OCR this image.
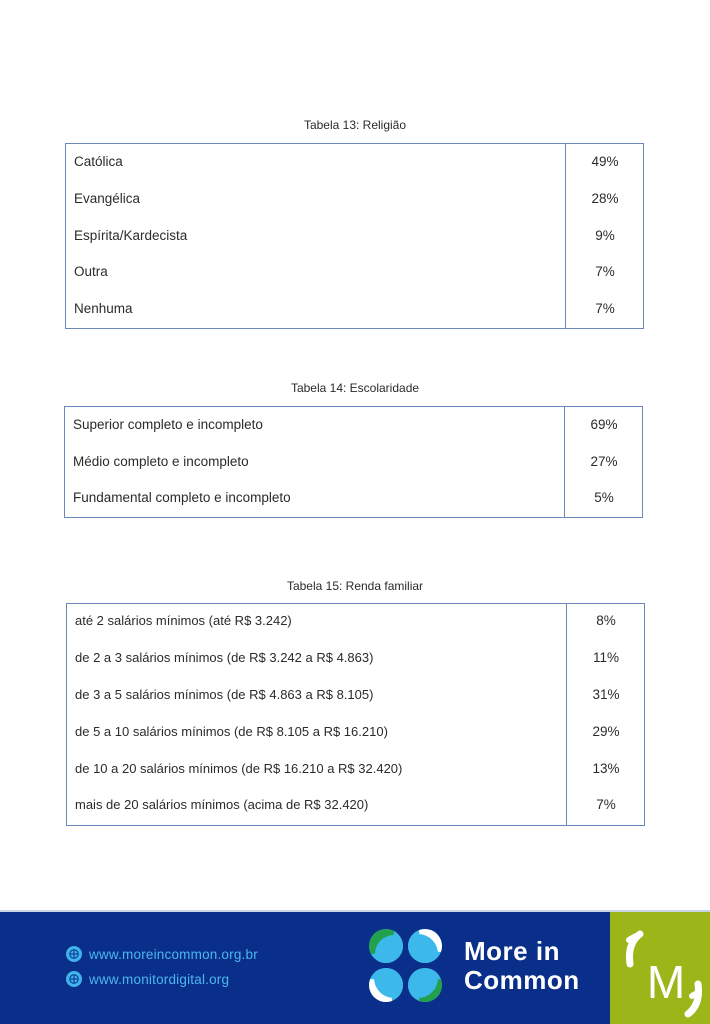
Tabela 13: Religião
Católica	49%
Evangélica	28%
Espírita/Kardecista	9%
Outra	7%
Nenhuma	7%
Tabela 14: Escolaridade
Superior completo e incompleto	69%
Médio completo e incompleto	27%
Fundamental completo e incompleto	5%
Tabela 15: Renda familiar
até 2 salários mínimos (até R$ 3.242)	8%
de 2 a 3 salários mínimos (de R$ 3.242 a R$ 4.863)	11%
de 3 a 5 salários mínimos (de R$ 4.863 a R$ 8.105)	31%
de 5 a 10 salários mínimos (de R$ 8.105 a R$ 16.210)	29%
de 10 a 20 salários mínimos (de R$ 16.210 a R$ 32.420)	13%
mais de 20 salários mínimos (acima de R$ 32.420)	7%
www.moreincommon.org.br
www.monitordigital.org
More in
Common M
